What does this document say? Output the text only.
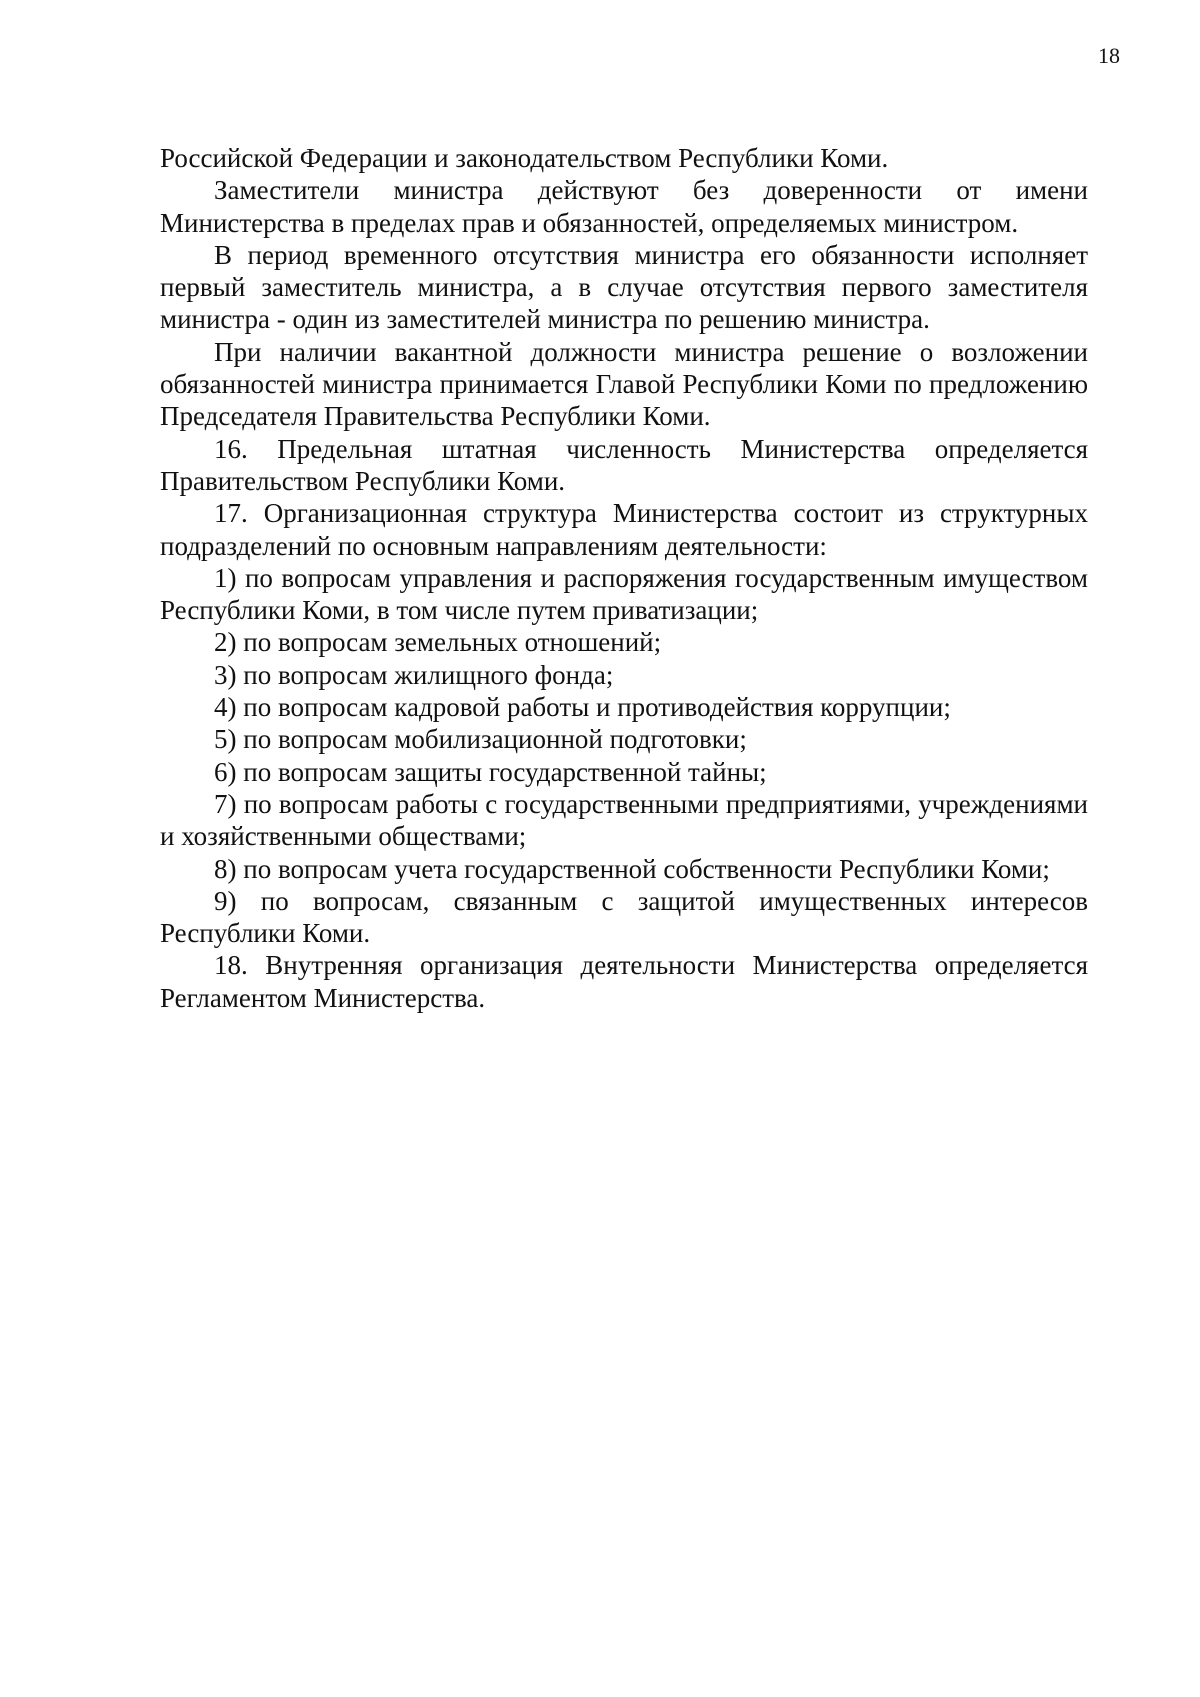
18

Российской Федерации и законодательством Республики Коми.

Заместители министра действуют без доверенности от имени Министерства в пределах прав и обязанностей, определяемых министром.

В период временного отсутствия министра его обязанности исполняет первый заместитель министра, а в случае отсутствия первого заместителя министра - один из заместителей министра по решению министра.

При наличии вакантной должности министра решение о возложении обязанностей министра принимается Главой Республики Коми по предложению Председателя Правительства Республики Коми.

16. Предельная штатная численность Министерства определяется Правительством Республики Коми.

17. Организационная структура Министерства состоит из структурных подразделений по основным направлениям деятельности:

1) по вопросам управления и распоряжения государственным имуществом Республики Коми, в том числе путем приватизации;

2) по вопросам земельных отношений;

3) по вопросам жилищного фонда;

4) по вопросам кадровой работы и противодействия коррупции;

5) по вопросам мобилизационной подготовки;

6) по вопросам защиты государственной тайны;

7) по вопросам работы с государственными предприятиями, учреждениями и хозяйственными обществами;

8) по вопросам учета государственной собственности Республики Коми;

9) по вопросам, связанным с защитой имущественных интересов Республики Коми.

18. Внутренняя организация деятельности Министерства определяется Регламентом Министерства.
